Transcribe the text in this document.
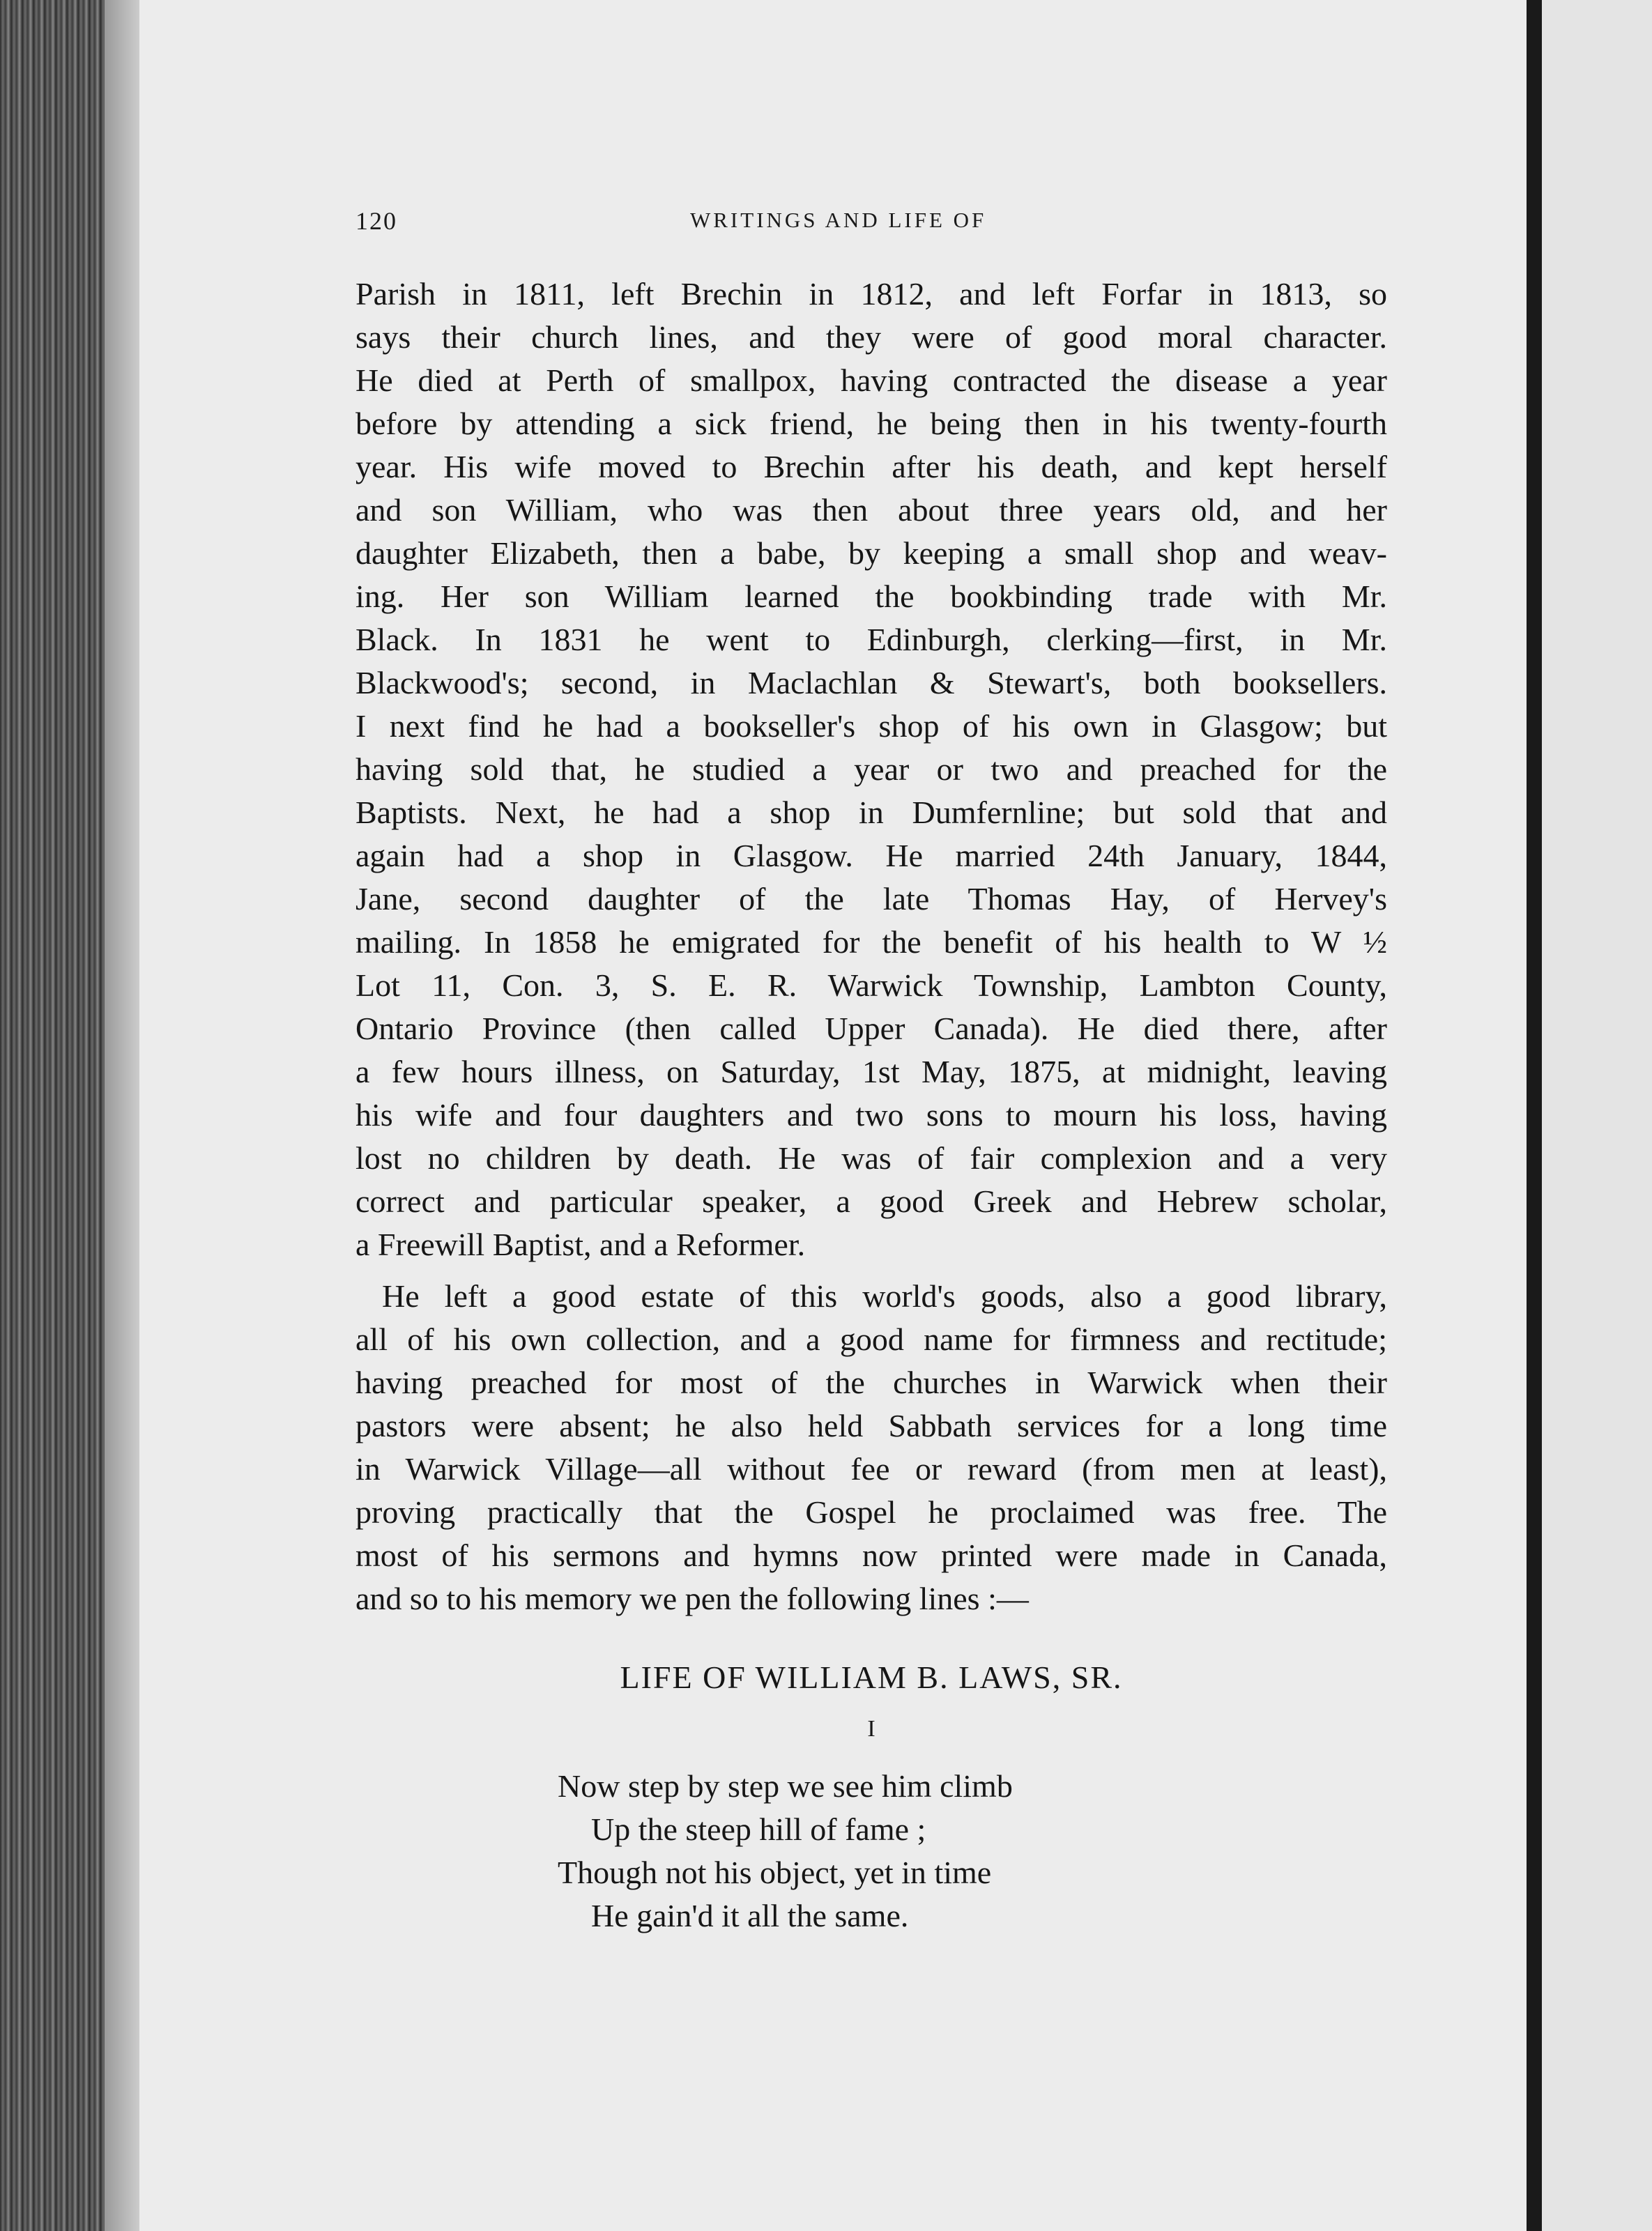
120	WRITINGS AND LIFE OF
Parish in 1811, left Brechin in 1812, and left Forfar in 1813, so
says their church lines, and they were of good moral character.
He died at Perth of smallpox, having contracted the disease a year
before by attending a sick friend, he being then in his twenty-fourth
year. His wife moved to Brechin after his death, and kept herself
and son William, who was then about three years old, and her
daughter Elizabeth, then a babe, by keeping a small shop and weav-
ing. Her son William learned the bookbinding trade with Mr.
Black. In 1831 he went to Edinburgh, clerking—first, in Mr.
Blackwood's; second, in Maclachlan & Stewart's, both booksellers.
I next find he had a bookseller's shop of his own in Glasgow; but
having sold that, he studied a year or two and preached for the
Baptists. Next, he had a shop in Dumfernline; but sold that and
again had a shop in Glasgow. He married 24th January, 1844,
Jane, second daughter of the late Thomas Hay, of Hervey's
mailing. In 1858 he emigrated for the benefit of his health to W ½
Lot 11, Con. 3, S. E. R. Warwick Township, Lambton County,
Ontario Province (then called Upper Canada). He died there, after
a few hours illness, on Saturday, 1st May, 1875, at midnight, leaving
his wife and four daughters and two sons to mourn his loss, having
lost no children by death. He was of fair complexion and a very
correct and particular speaker, a good Greek and Hebrew scholar,
a Freewill Baptist, and a Reformer.
He left a good estate of this world's goods, also a good library,
all of his own collection, and a good name for firmness and rectitude;
having preached for most of the churches in Warwick when their
pastors were absent; he also held Sabbath services for a long time
in Warwick Village—all without fee or reward (from men at least),
proving practically that the Gospel he proclaimed was free. The
most of his sermons and hymns now printed were made in Canada,
and so to his memory we pen the following lines :—
LIFE OF WILLIAM B. LAWS, SR.
I
Now step by step we see him climb
Up the steep hill of fame ;
Though not his object, yet in time
He gain'd it all the same.
